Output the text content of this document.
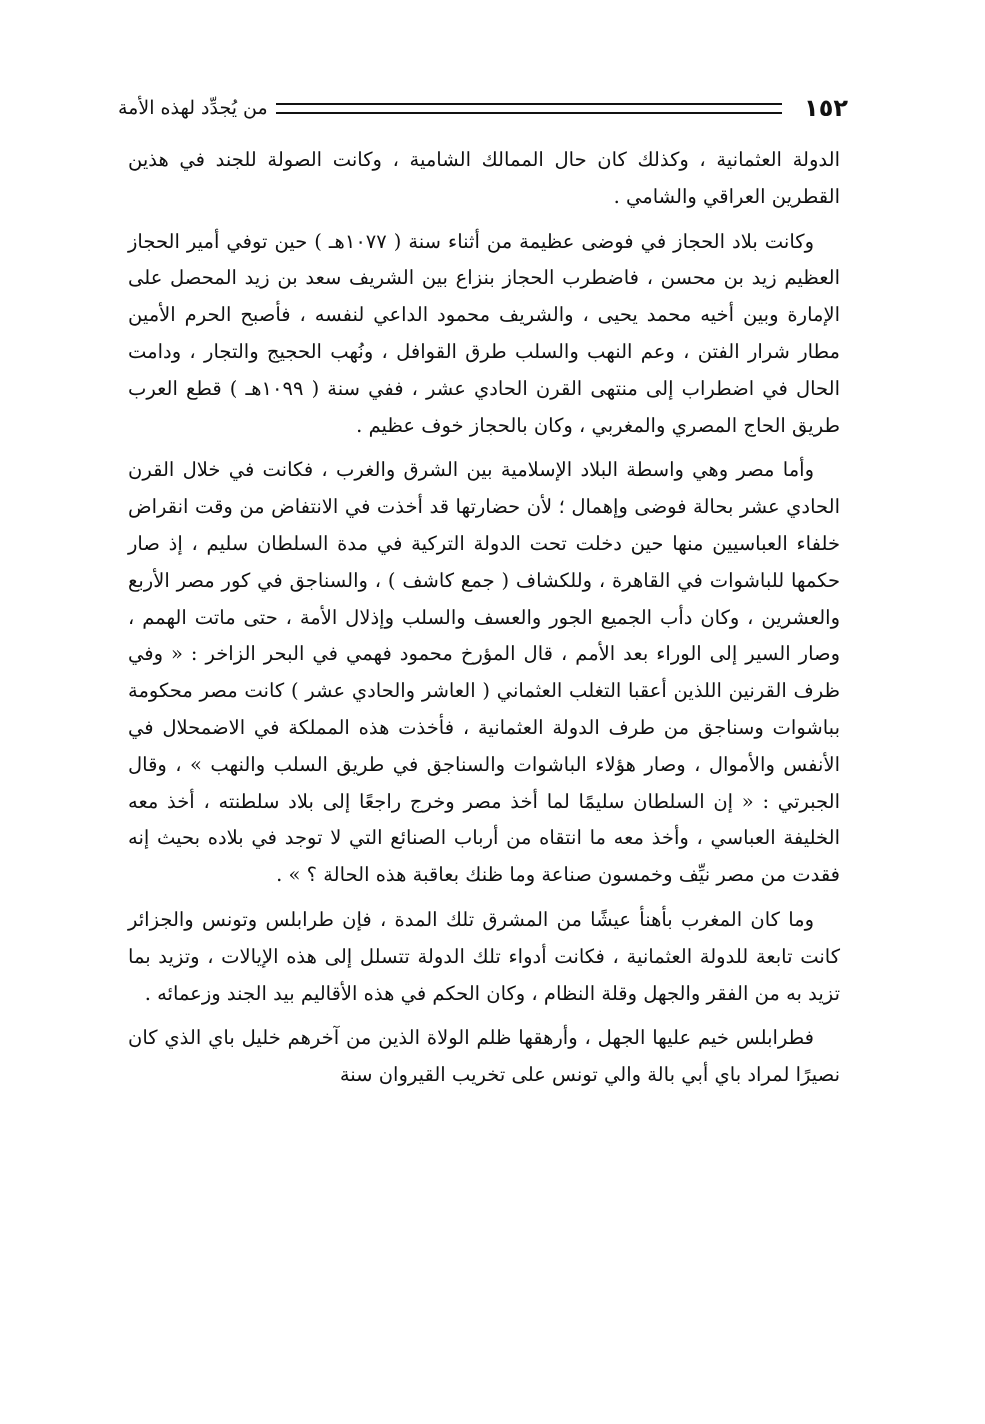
١٥٢
من يُجدِّد لهذه الأمة

الدولة العثمانية ، وكذلك كان حال الممالك الشامية ، وكانت الصولة للجند في هذين القطرين العراقي والشامي .

وكانت بلاد الحجاز في فوضى عظيمة من أثناء سنة ( ١٠٧٧هـ ) حين توفي أمير الحجاز العظيم زيد بن محسن ، فاضطرب الحجاز بنزاع بين الشريف سعد بن زيد المحصل على الإمارة وبين أخيه محمد يحيى ، والشريف محمود الداعي لنفسه ، فأصبح الحرم الأمين مطار شرار الفتن ، وعم النهب والسلب طرق القوافل ، ونُهب الحجيج والتجار ، ودامت الحال في اضطراب إلى منتهى القرن الحادي عشر ، ففي سنة ( ١٠٩٩هـ ) قطع العرب طريق الحاج المصري والمغربي ، وكان بالحجاز خوف عظيم .

وأما مصر وهي واسطة البلاد الإسلامية بين الشرق والغرب ، فكانت في خلال القرن الحادي عشر بحالة فوضى وإهمال ؛ لأن حضارتها قد أخذت في الانتفاض من وقت انقراض خلفاء العباسيين منها حين دخلت تحت الدولة التركية في مدة السلطان سليم ، إذ صار حكمها للباشوات في القاهرة ، وللكشاف ( جمع كاشف ) ، والسناجق في كور مصر الأربع والعشرين ، وكان دأب الجميع الجور والعسف والسلب وإذلال الأمة ، حتى ماتت الهمم ، وصار السير إلى الوراء بعد الأمم ، قال المؤرخ محمود فهمي في البحر الزاخر : « وفي ظرف القرنين اللذين أعقبا التغلب العثماني ( العاشر والحادي عشر ) كانت مصر محكومة بباشوات وسناجق من طرف الدولة العثمانية ، فأخذت هذه المملكة في الاضمحلال في الأنفس والأموال ، وصار هؤلاء الباشوات والسناجق في طريق السلب والنهب » ، وقال الجبرتي : « إن السلطان سليمًا لما أخذ مصر وخرج راجعًا إلى بلاد سلطنته ، أخذ معه الخليفة العباسي ، وأخذ معه ما انتقاه من أرباب الصنائع التي لا توجد في بلاده بحيث إنه فقدت من مصر نيِّف وخمسون صناعة وما ظنك بعاقبة هذه الحالة ؟ » .

وما كان المغرب بأهنأ عيشًا من المشرق تلك المدة ، فإن طرابلس وتونس والجزائر كانت تابعة للدولة العثمانية ، فكانت أدواء تلك الدولة تتسلل إلى هذه الإيالات ، وتزيد بما تزيد به من الفقر والجهل وقلة النظام ، وكان الحكم في هذه الأقاليم بيد الجند وزعمائه .

فطرابلس خيم عليها الجهل ، وأرهقها ظلم الولاة الذين من آخرهم خليل باي الذي كان نصيرًا لمراد باي أبي بالة والي تونس على تخريب القيروان سنة
